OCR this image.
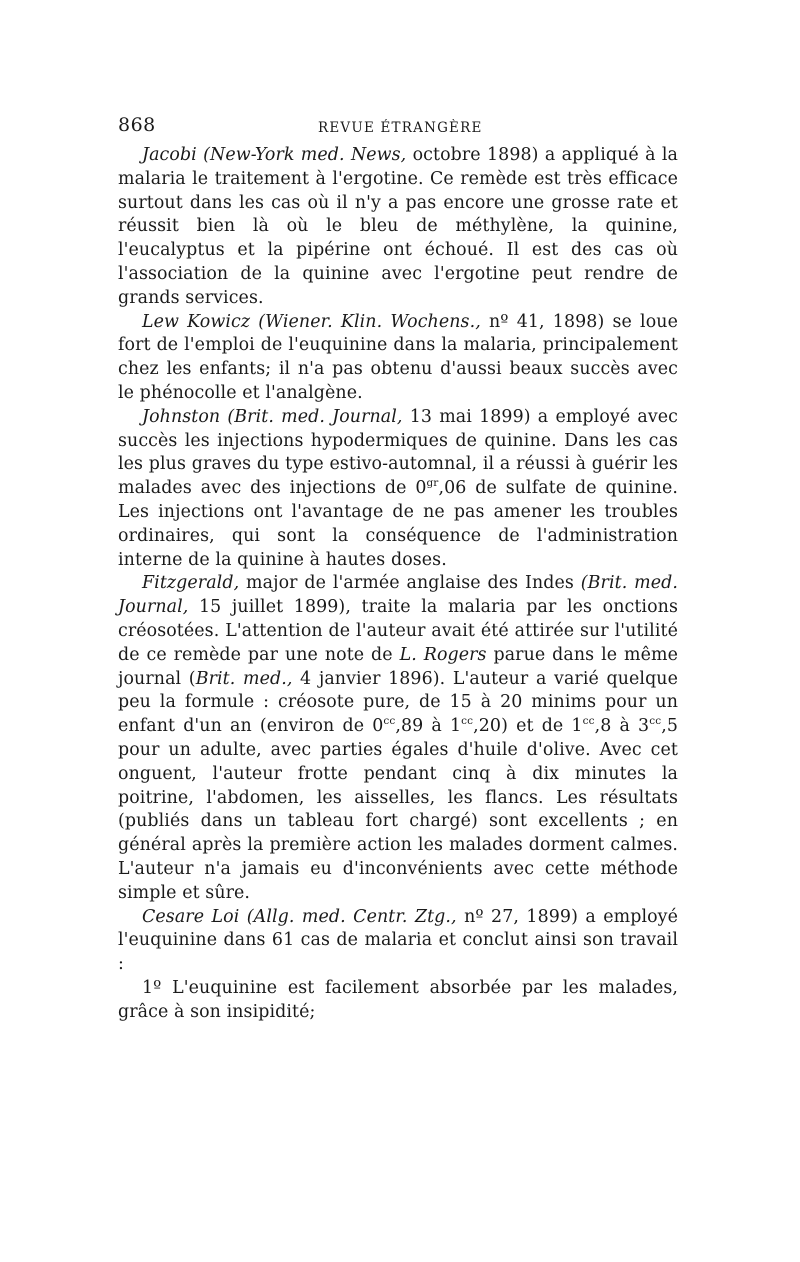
868	REVUE ÉTRANGÈRE

Jacobi (New-York med. News, octobre 1898) a appliqué à la malaria le traitement à l'ergotine. Ce remède est très efficace surtout dans les cas où il n'y a pas encore une grosse rate et réussit bien là où le bleu de méthylène, la quinine, l'eucalyptus et la pipérine ont échoué. Il est des cas où l'association de la quinine avec l'ergotine peut rendre de grands services.

Lew Kowicz (Wiener. Klin. Wochens., nº 41, 1898) se loue fort de l'emploi de l'euquinine dans la malaria, principalement chez les enfants; il n'a pas obtenu d'aussi beaux succès avec le phénocolle et l'analgène.

Johnston (Brit. med. Journal, 13 mai 1899) a employé avec succès les injections hypodermiques de quinine. Dans les cas les plus graves du type estivo-automnal, il a réussi à guérir les malades avec des injections de $0^{gr},06$ de sulfate de quinine. Les injections ont l'avantage de ne pas amener les troubles ordinaires, qui sont la conséquence de l'administration interne de la quinine à hautes doses.

Fitzgerald, major de l'armée anglaise des Indes (Brit. med. Journal, 15 juillet 1899), traite la malaria par les onctions créosotées. L'attention de l'auteur avait été attirée sur l'utilité de ce remède par une note de L. Rogers parue dans le même journal (Brit. med., 4 janvier 1896). L'auteur a varié quelque peu la formule : créosote pure, de 15 à 20 minims pour un enfant d'un an (environ de $0^{cc},89$ à $1^{cc},20$) et de $1^{cc},8$ à $3^{cc},5$ pour un adulte, avec parties égales d'huile d'olive. Avec cet onguent, l'auteur frotte pendant cinq à dix minutes la poitrine, l'abdomen, les aisselles, les flancs. Les résultats (publiés dans un tableau fort chargé) sont excellents ; en général après la première action les malades dorment calmes. L'auteur n'a jamais eu d'inconvénients avec cette méthode simple et sûre.

Cesare Loi (Allg. med. Centr. Ztg., nº 27, 1899) a employé l'euquinine dans 61 cas de malaria et conclut ainsi son travail :

1º L'euquinine est facilement absorbée par les malades, grâce à son insipidité;
